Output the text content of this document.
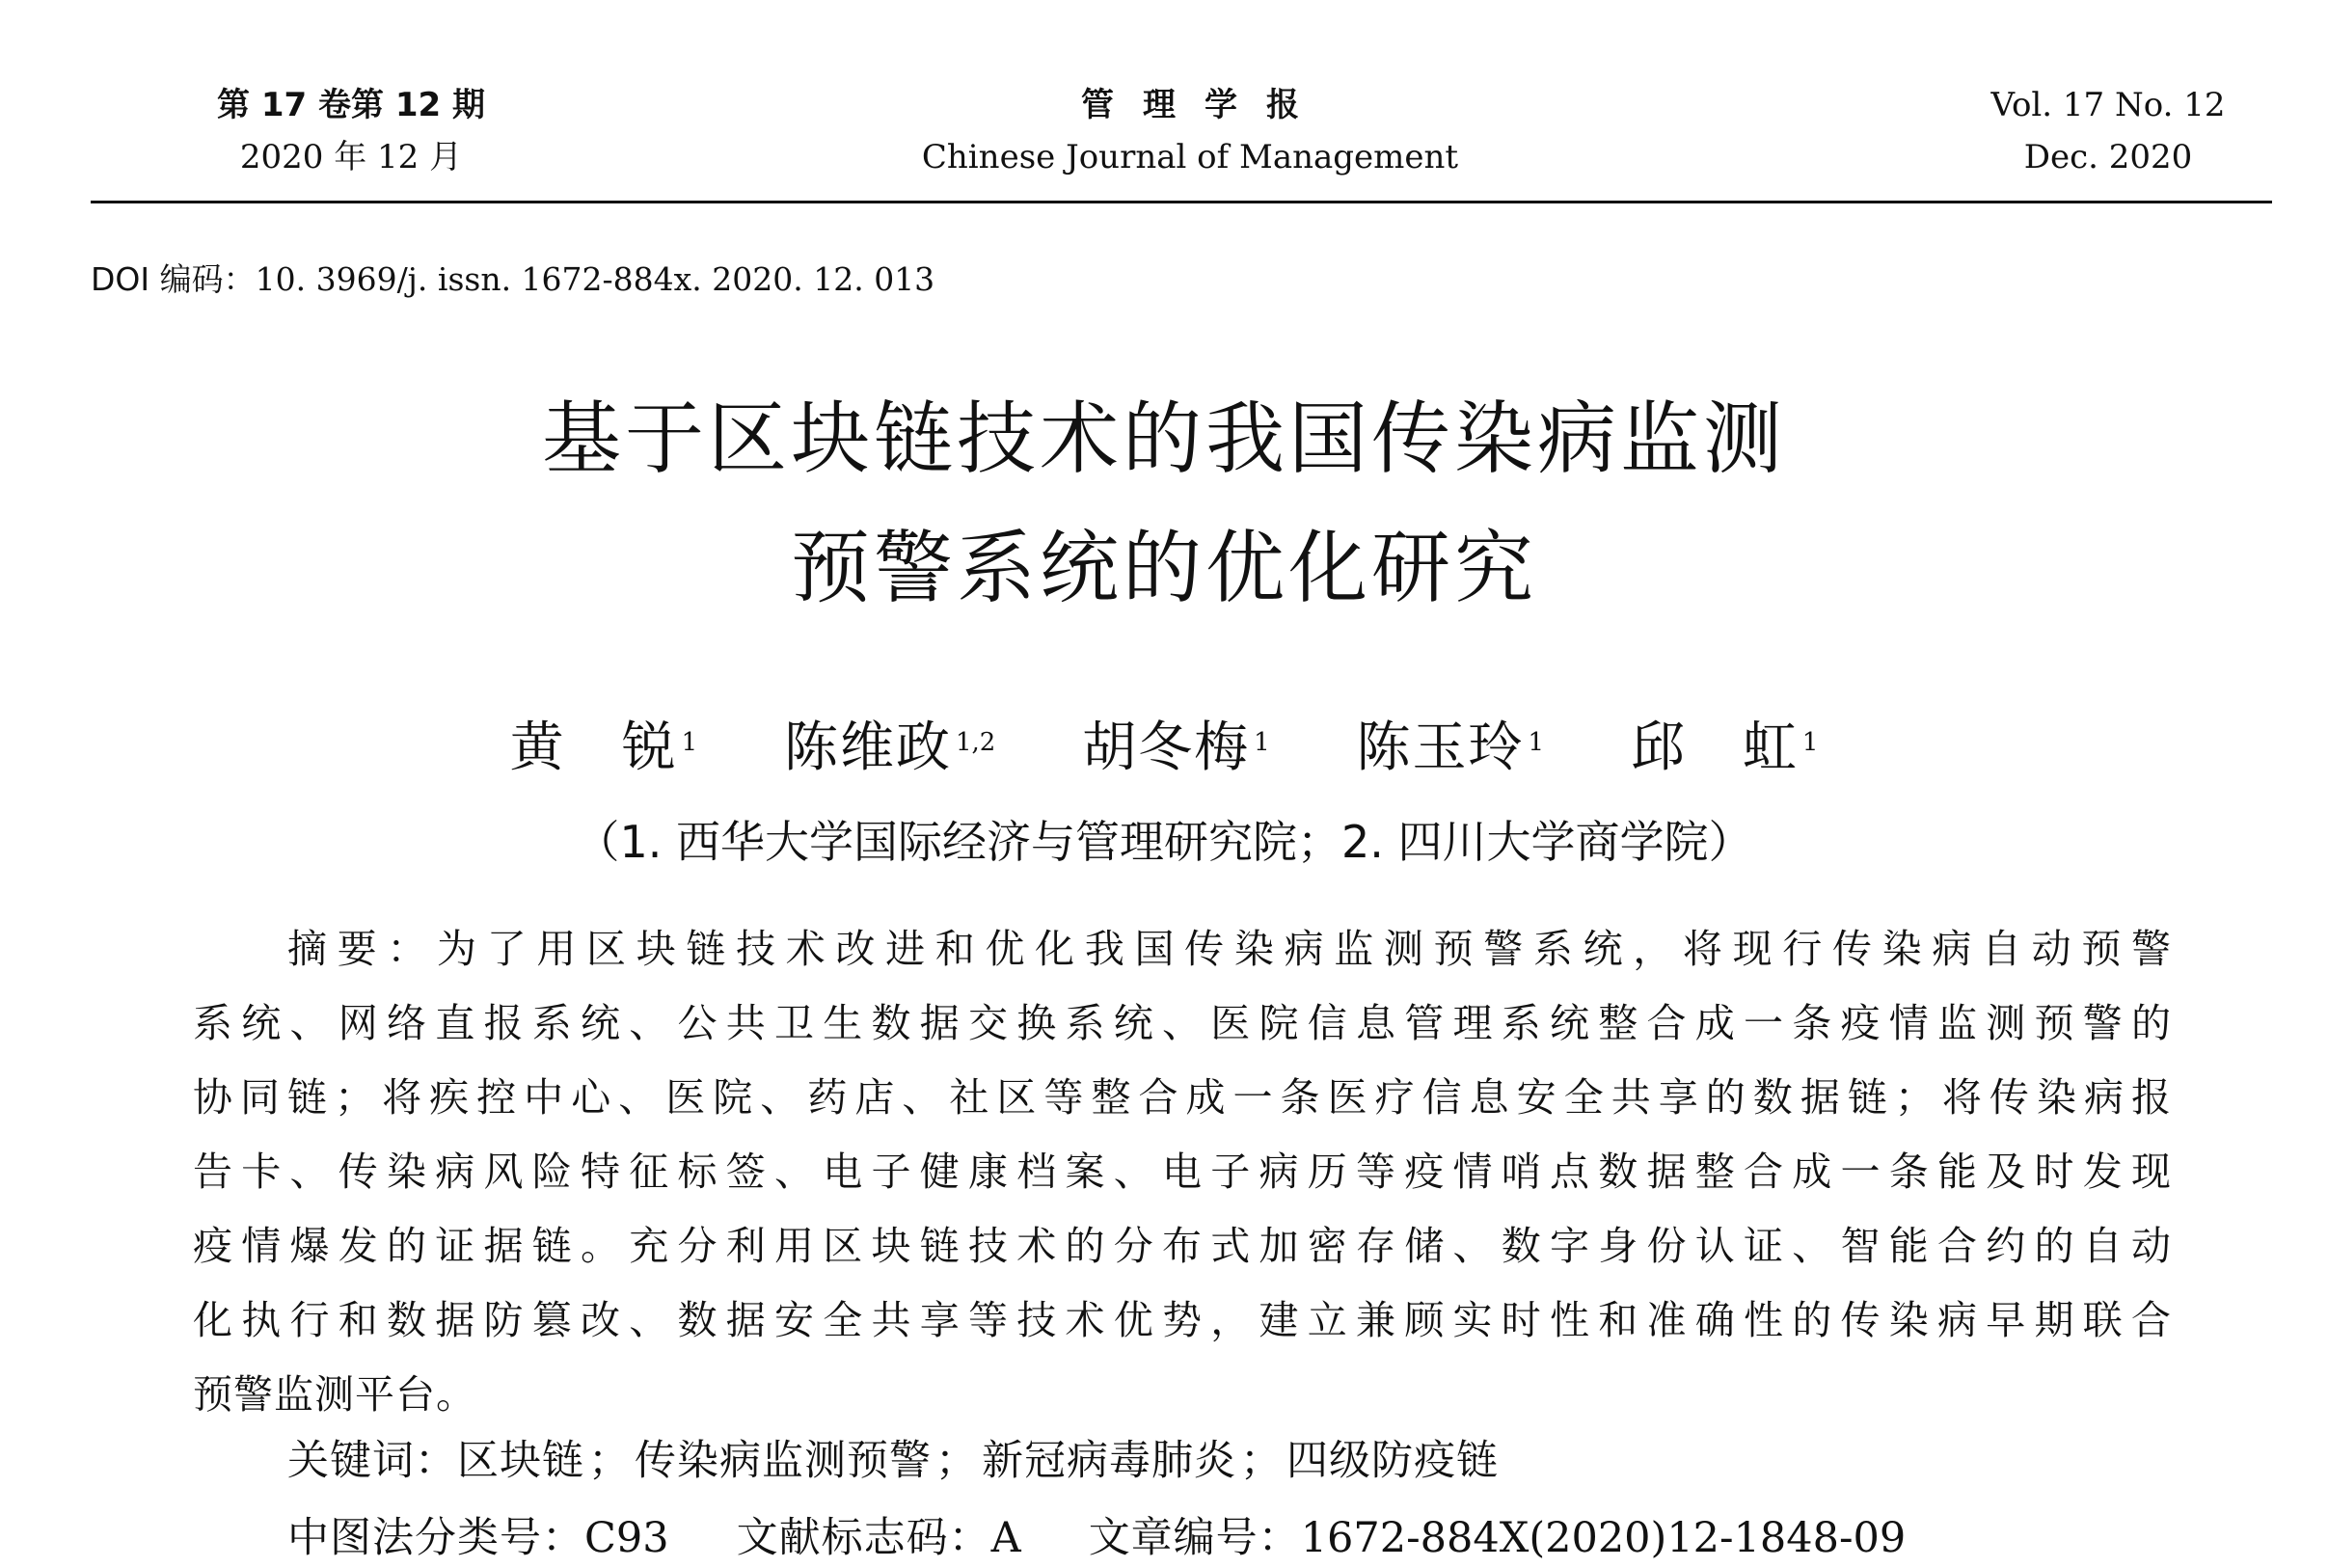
第 17 卷第 12 期
2020 年 12 月
管理学报
Chinese Journal of Management
Vol. 17 No. 12
Dec. 2020
DOI 编码：10. 3969/j. issn. 1672-884x. 2020. 12. 013
基于区块链技术的我国传染病监测
预警系统的优化研究
黄　锐 $^1$ 陈维政 $^{1,2}$ 胡冬梅 $^1$ 陈玉玲 $^1$ 邱　虹 $^1$
（1. 西华大学国际经济与管理研究院；2. 四川大学商学院）
摘要：为了用区块链技术改进和优化我国传染病监测预警系统，将现行传染病自动预警
系统、网络直报系统、公共卫生数据交换系统、医院信息管理系统整合成一条疫情监测预警的
协同链；将疾控中心、医院、药店、社区等整合成一条医疗信息安全共享的数据链；将传染病报
告卡、传染病风险特征标签、电子健康档案、电子病历等疫情哨点数据整合成一条能及时发现
疫情爆发的证据链。充分利用区块链技术的分布式加密存储、数字身份认证、智能合约的自动
化执行和数据防篡改、数据安全共享等技术优势，建立兼顾实时性和准确性的传染病早期联合
预警监测平台。
关键词：区块链；传染病监测预警；新冠病毒肺炎；四级防疫链
中图法分类号：C93 文献标志码：A 文章编号：1672-884X(2020)12-1848-09
